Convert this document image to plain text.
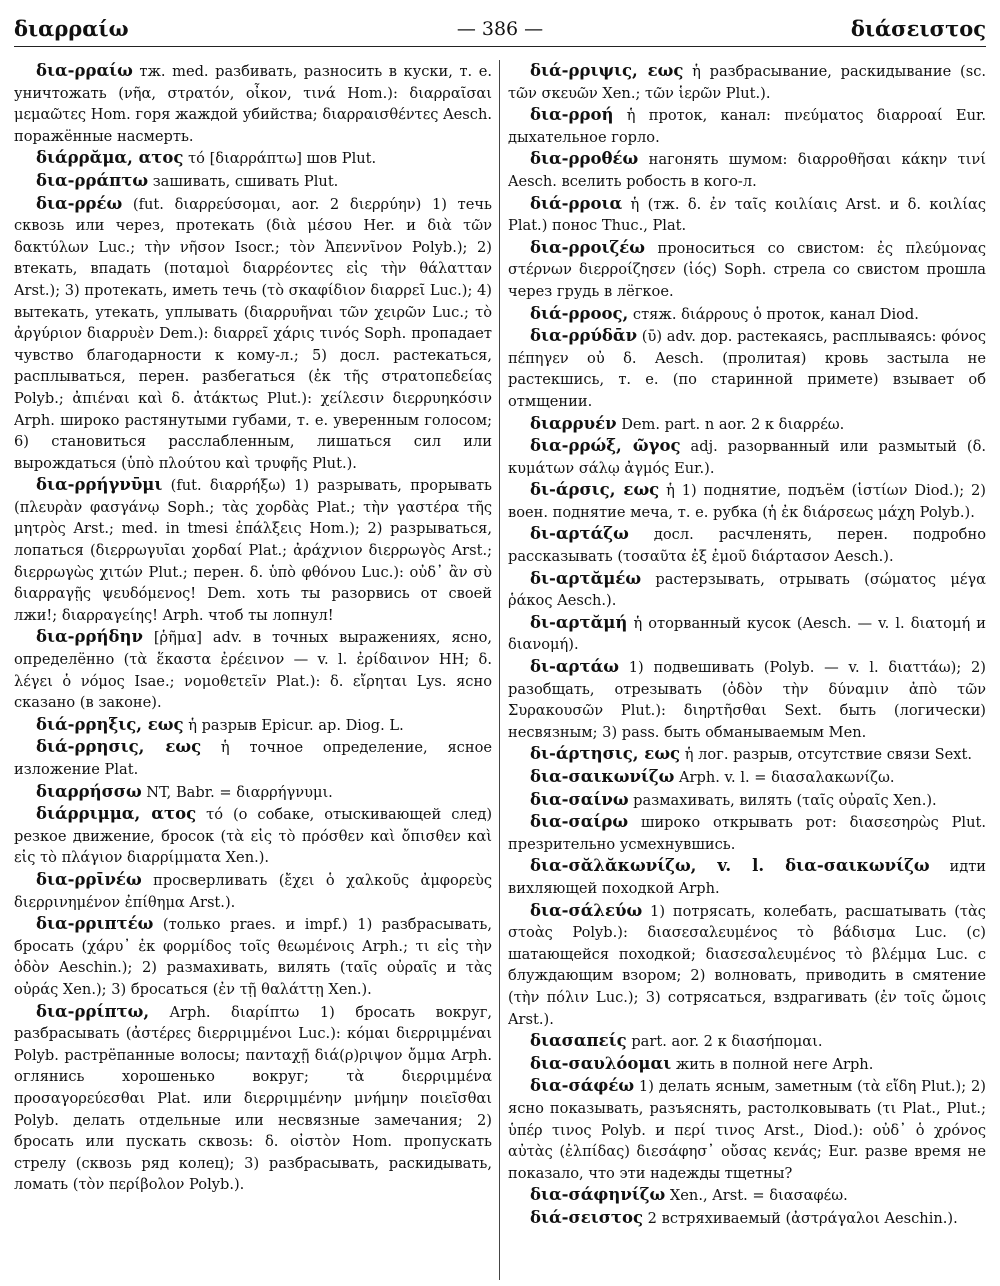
διαρραίω	— 386 —	διάσειστος

δια-ρραίω тж. med. разбивать, разносить в куски, т. е. уничтожать (νῆα, στρατόν, οἶκον, τινά Hom.): διαρραῖσαι μεμαῶτες Hom. горя жаждой убийства; διαρραισθέντες Aesch. поражённые насмерть.

διάρρᾰμα, ατος τό [διαρράπτω] шов Plut.

δια-ρράπτω зашивать, сшивать Plut.

δια-ρρέω (fut. διαρρεύσομαι, aor. 2 διερρύην) 1) течь сквозь или через, протекать (διὰ μέσου Her. и διὰ τῶν δακτύλων Luc.; τὴν νῆσον Isocr.; τὸν Ἀπεννῖνον Polyb.); 2) втекать, впадать (ποταμοὶ διαρρέοντες εἰς τὴν θάλατταν Arst.); 3) протекать, иметь течь (τὸ σκαφίδιον διαρρεῖ Luc.); 4) вытекать, утекать, уплывать (διαρρυῆναι τῶν χειρῶν Luc.; τὸ ἀργύριον διαρρυὲν Dem.): διαρρεῖ χάρις τινός Soph. пропадает чувство благодарности к кому-л.; 5) досл. растекаться, расплываться, перен. разбегаться (ἐκ τῆς στρατοπεδείας Polyb.; ἀπιέναι καὶ δ. ἀτάκτως Plut.): χείλεσιν διερρυηκόσιν Arph. широко растянутыми губами, т. е. уверенным голосом; 6) становиться расслабленным, лишаться сил или вырождаться (ὑπὸ πλούτου καὶ τρυφῆς Plut.).

δια-ρρήγνῡμι (fut. διαρρήξω) 1) разрывать, прорывать (πλευρὰν φασγάνῳ Soph.; τὰς χορδὰς Plat.; τὴν γαστέρα τῆς μητρὸς Arst.; med. in tmesi ἐπάλξεις Hom.); 2) разрываться, лопаться (διερρωγυῖαι χορδαί Plat.; ἀράχνιον διερρωγὸς Arst.; διερρωγὼς χιτών Plut.; перен. δ. ὑπὸ φθόνου Luc.): οὐδ᾽ ἂν σὺ διαρραγῇς ψευδόμενος! Dem. хоть ты разорвись от своей лжи!; διαρραγείης! Arph. чтоб ты лопнул!

δια-ρρήδην [ῥῆμα] adv. в точных выражениях, ясно, определённо (τὰ ἕκαστα ἐρέεινον — v. l. ἐρίδαινον HH; δ. λέγει ὁ νόμος Isae.; νομοθετεῖν Plat.): δ. εἴρηται Lys. ясно сказано (в законе).

διά-ρρηξις, εως ἡ разрыв Epicur. ap. Diog. L.

διά-ρρησις, εως ἡ точное определение, ясное изложение Plat.

διαρρήσσω NT, Babr. = διαρρήγνυμι.

διάρριμμα, ατος τό (о собаке, отыскивающей след) резкое движение, бросок (τὰ εἰς τὸ πρόσθεν καὶ ὄπισθεν καὶ εἰς τὸ πλάγιον διαρρίμματα Xen.).

δια-ρρῑνέω просверливать (ἔχει ὁ χαλκοῦς ἀμφορεὺς διερρινημένον ἐπίθημα Arst.).

δια-ρριπτέω (только praes. и impf.) 1) разбрасывать, бросать (χάρυ᾽ ἐκ φορμίδος τοῖς θεωμένοις Arph.; τι εἰς τὴν ὁδὸν Aeschin.); 2) размахивать, вилять (ταῖς οὐραῖς и τὰς οὐράς Xen.); 3) бросаться (ἐν τῇ θαλάττῃ Xen.).

δια-ρρίπτω, Arph. διαρίπτω 1) бросать вокруг, разбрасывать (ἀστέρες διερριμμένοι Luc.): κόμαι διερριμμέναι Polyb. растрёпанные волосы; πανταχῇ διά(ρ)ριψον ὄμμα Arph. оглянись хорошенько вокруг; τὰ διερριμμένα προσαγορεύεσθαι Plat. или διερριμμένην μνήμην ποιεῖσθαι Polyb. делать отдельные или несвязные замечания; 2) бросать или пускать сквозь: δ. οἰστὸν Hom. пропускать стрелу (сквозь ряд колец); 3) разбрасывать, раскидывать, ломать (τὸν περίβολον Polyb.).

διά-ρριψις, εως ἡ разбрасывание, раскидывание (sc. τῶν σκευῶν Xen.; τῶν ἱερῶν Plut.).

δια-ρροή ἡ проток, канал: πνεύματος διαρροαί Eur. дыхательное горло.

δια-ρροθέω нагонять шумом: διαρροθῆσαι κάκην τινί Aesch. вселить робость в кого-л.

διά-ρροια ἡ (тж. δ. ἐν ταῖς κοιλίαις Arst. и δ. κοιλίας Plat.) понос Thuc., Plat.

δια-ρροιζέω проноситься со свистом: ἐς πλεύμονας στέρνων διερροίζησεν (ἰός) Soph. стрела со свистом прошла через грудь в лёгкое.

διά-ρροος, стяж. διάρρους ὁ проток, канал Diod.

δια-ρρύδᾱν (ῡ) adv. дор. растекаясь, расплываясь: φόνος πέπηγεν οὐ δ. Aesch. (пролитая) кровь застыла не растекшись, т. е. (по старинной примете) взывает об отмщении.

διαρρυέν Dem. part. n aor. 2 к διαρρέω.

δια-ρρώξ, ῶγος adj. разорванный или размытый (δ. κυμάτων σάλῳ ἀγμός Eur.).

δι-άρσις, εως ἡ 1) поднятие, подъём (ἱστίων Diod.); 2) воен. поднятие меча, т. е. рубка (ἡ ἐκ διάρσεως μάχη Polyb.).

δι-αρτάζω досл. расчленять, перен. подробно рассказывать (τοσαῦτα ἐξ ἐμοῦ διάρτασον Aesch.).

δι-αρτᾰμέω растерзывать, отрывать (σώματος μέγα ῥάκος Aesch.).

δι-αρτᾰμή ἡ оторванный кусок (Aesch. — v. l. διατομή и διανομή).

δι-αρτάω 1) подвешивать (Polyb. — v. l. διαττάω); 2) разобщать, отрезывать (ὁδὸν τὴν δύναμιν ἀπὸ τῶν Συρακουσῶν Plut.): διηρτῆσθαι Sext. быть (логически) несвязным; 3) pass. быть обманываемым Men.

δι-άρτησις, εως ἡ лог. разрыв, отсутствие связи Sext.

δια-σαικωνίζω Arph. v. l. = διασαλακωνίζω.

δια-σαίνω размахивать, вилять (ταῖς οὐραῖς Xen.).

δια-σαίρω широко открывать рот: διασεσηρὼς Plut. презрительно усмехнувшись.

δια-σᾰλᾰκωνίζω, v. l. δια-σαικωνίζω идти вихляющей походкой Arph.

δια-σάλεύω 1) потрясать, колебать, расшатывать (τὰς στοὰς Polyb.): διασεσαλευμένος τὸ βάδισμα Luc. (с) шатающейся походкой; διασεσαλευμένος τὸ βλέμμα Luc. с блуждающим взором; 2) волновать, приводить в смятение (τὴν πόλιν Luc.); 3) сотрясаться, вздрагивать (ἐν τοῖς ὤμοις Arst.).

διασαπείς part. aor. 2 к διασήπομαι.

δια-σαυλόομαι жить в полной неге Arph.

δια-σάφέω 1) делать ясным, заметным (τὰ εἴδη Plut.); 2) ясно показывать, разъяснять, растолковывать (τι Plat., Plut.; ὑπέρ τινος Polyb. и περί τινος Arst., Diod.): οὐδ᾽ ὁ χρόνος αὐτὰς (ἐλπίδας) διεσάφησ᾽ οὔσας κενάς; Eur. разве время не показало, что эти надежды тщетны?

δια-σάφηνίζω Xen., Arst. = διασαφέω.

διά-σειστος 2 встряхиваемый (ἀστράγαλοι Aeschin.).
